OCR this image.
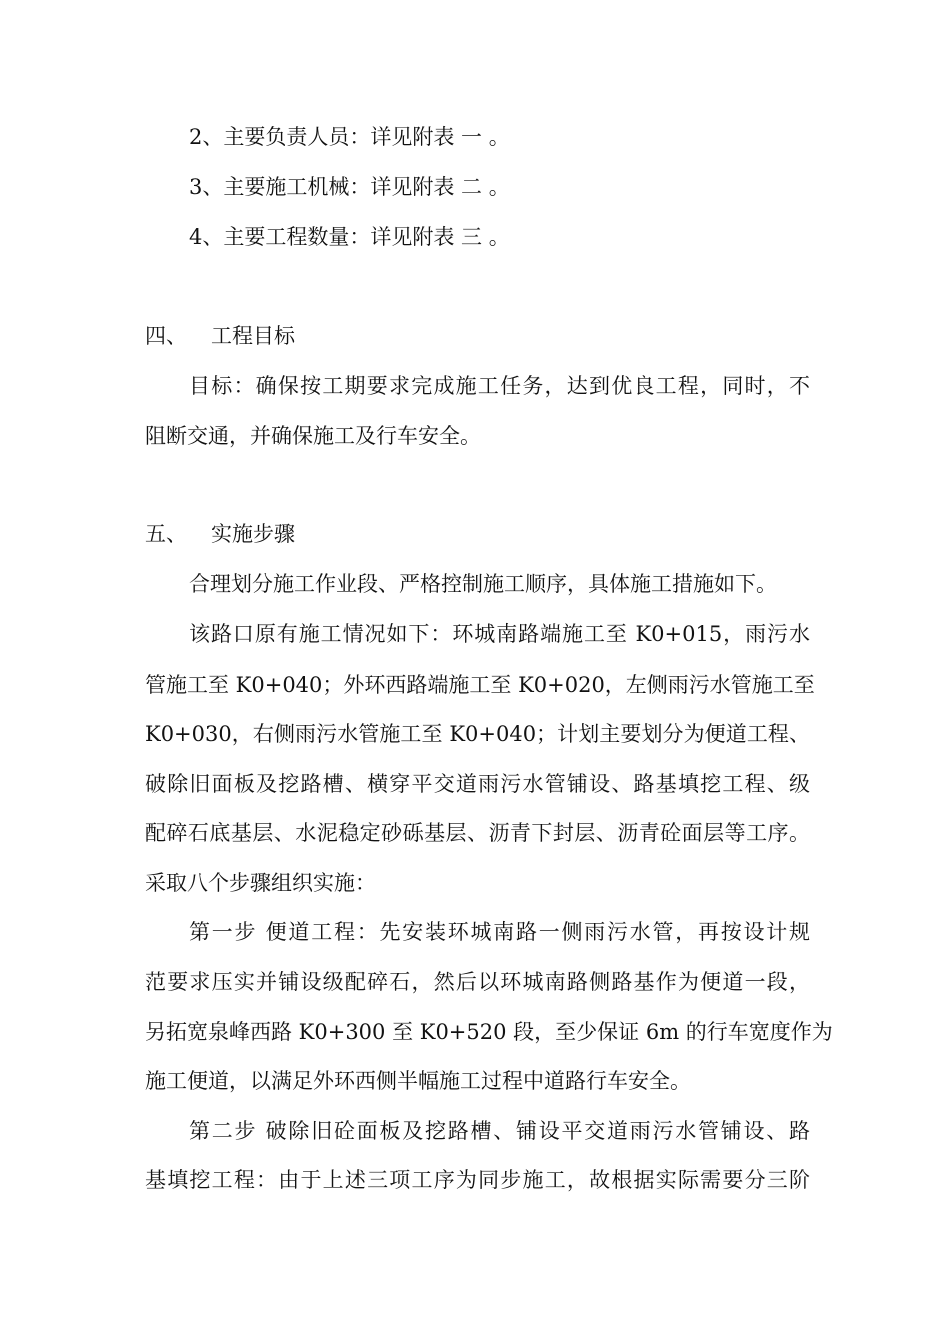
2、主要负责人员：详见附表 一 。
3、主要施工机械：详见附表 二 。
4、主要工程数量：详见附表 三 。
四、 工程目标
目标：确保按工期要求完成施工任务，达到优良工程，同时，不
阻断交通，并确保施工及行车安全。
五、 实施步骤
合理划分施工作业段、严格控制施工顺序，具体施工措施如下。
该路口原有施工情况如下：环城南路端施工至 K0+015，雨污水
管施工至 K0+040；外环西路端施工至 K0+020，左侧雨污水管施工至
K0+030，右侧雨污水管施工至 K0+040；计划主要划分为便道工程、
破除旧面板及挖路槽、横穿平交道雨污水管铺设、路基填挖工程、级
配碎石底基层、水泥稳定砂砾基层、沥青下封层、沥青砼面层等工序。
采取八个步骤组织实施：
第一步 便道工程：先安装环城南路一侧雨污水管，再按设计规
范要求压实并铺设级配碎石，然后以环城南路侧路基作为便道一段，
另拓宽泉峰西路 K0+300 至 K0+520 段，至少保证 6m 的行车宽度作为
施工便道，以满足外环西侧半幅施工过程中道路行车安全。
第二步 破除旧砼面板及挖路槽、铺设平交道雨污水管铺设、路
基填挖工程：由于上述三项工序为同步施工，故根据实际需要分三阶
